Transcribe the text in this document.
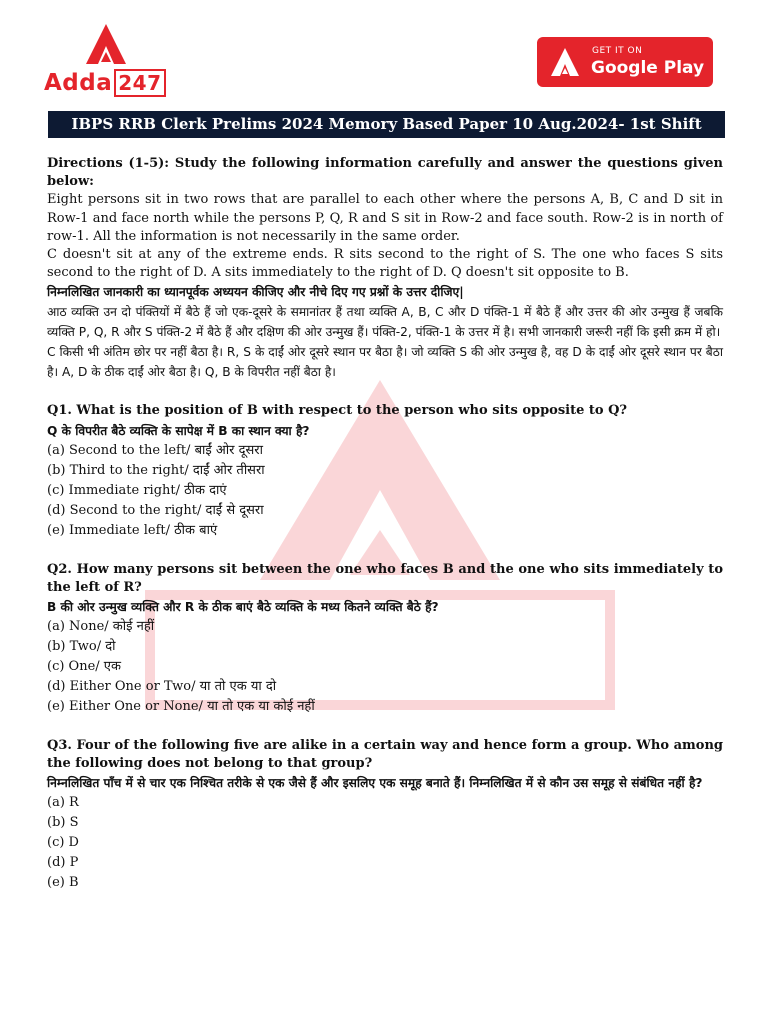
Adda 247
GET IT ON
Google Play
IBPS RRB Clerk Prelims 2024 Memory Based Paper 10 Aug.2024- 1st Shift

Directions (1-5): Study the following information carefully and answer the questions given below:

Eight persons sit in two rows that are parallel to each other where the persons A, B, C and D sit in Row-1 and face north while the persons P, Q, R and S sit in Row-2 and face south. Row-2 is in north of row-1. All the information is not necessarily in the same order.

C doesn't sit at any of the extreme ends. R sits second to the right of S. The one who faces S sits second to the right of D. A sits immediately to the right of D. Q doesn't sit opposite to B.

निम्नलिखित जानकारी का ध्यानपूर्वक अध्ययन कीजिए और नीचे दिए गए प्रश्नों के उत्तर दीजिए|

आठ व्यक्ति उन दो पंक्तियों में बैठे हैं जो एक-दूसरे के समानांतर हैं तथा व्यक्ति A, B, C और D पंक्ति-1 में बैठे हैं और उत्तर की ओर उन्मुख हैं जबकि व्यक्ति P, Q, R और S पंक्ति-2 में बैठे हैं और दक्षिण की ओर उन्मुख हैं। पंक्ति-2, पंक्ति-1 के उत्तर में है। सभी जानकारी जरूरी नहीं कि इसी क्रम में हो।

C किसी भी अंतिम छोर पर नहीं बैठा है। R, S के दाईं ओर दूसरे स्थान पर बैठा है। जो व्यक्ति S की ओर उन्मुख है, वह D के दाईं ओर दूसरे स्थान पर बैठा है। A, D के ठीक दाईं ओर बैठा है। Q, B के विपरीत नहीं बैठा है।

Q1. What is the position of B with respect to the person who sits opposite to Q?

Q के विपरीत बैठे व्यक्ति के सापेक्ष में B का स्थान क्या है?

(a) Second to the left/ बाईं ओर दूसरा

(b) Third to the right/ दाईं ओर तीसरा

(c) Immediate right/ ठीक दाएं

(d) Second to the right/ दाईं से दूसरा

(e) Immediate left/ ठीक बाएं

Q2. How many persons sit between the one who faces B and the one who sits immediately to the left of R?

B की ओर उन्मुख व्यक्ति और R के ठीक बाएं बैठे व्यक्ति के मध्य कितने व्यक्ति बैठे हैं?

(a) None/ कोई नहीं

(b) Two/ दो

(c) One/ एक

(d) Either One or Two/ या तो एक या दो

(e) Either One or None/ या तो एक या कोई नहीं

Q3. Four of the following five are alike in a certain way and hence form a group. Who among the following does not belong to that group?

निम्नलिखित पाँच में से चार एक निश्चित तरीके से एक जैसे हैं और इसलिए एक समूह बनाते हैं। निम्नलिखित में से कौन उस समूह से संबंधित नहीं है?

(a) R

(b) S

(c) D

(d) P

(e) B
